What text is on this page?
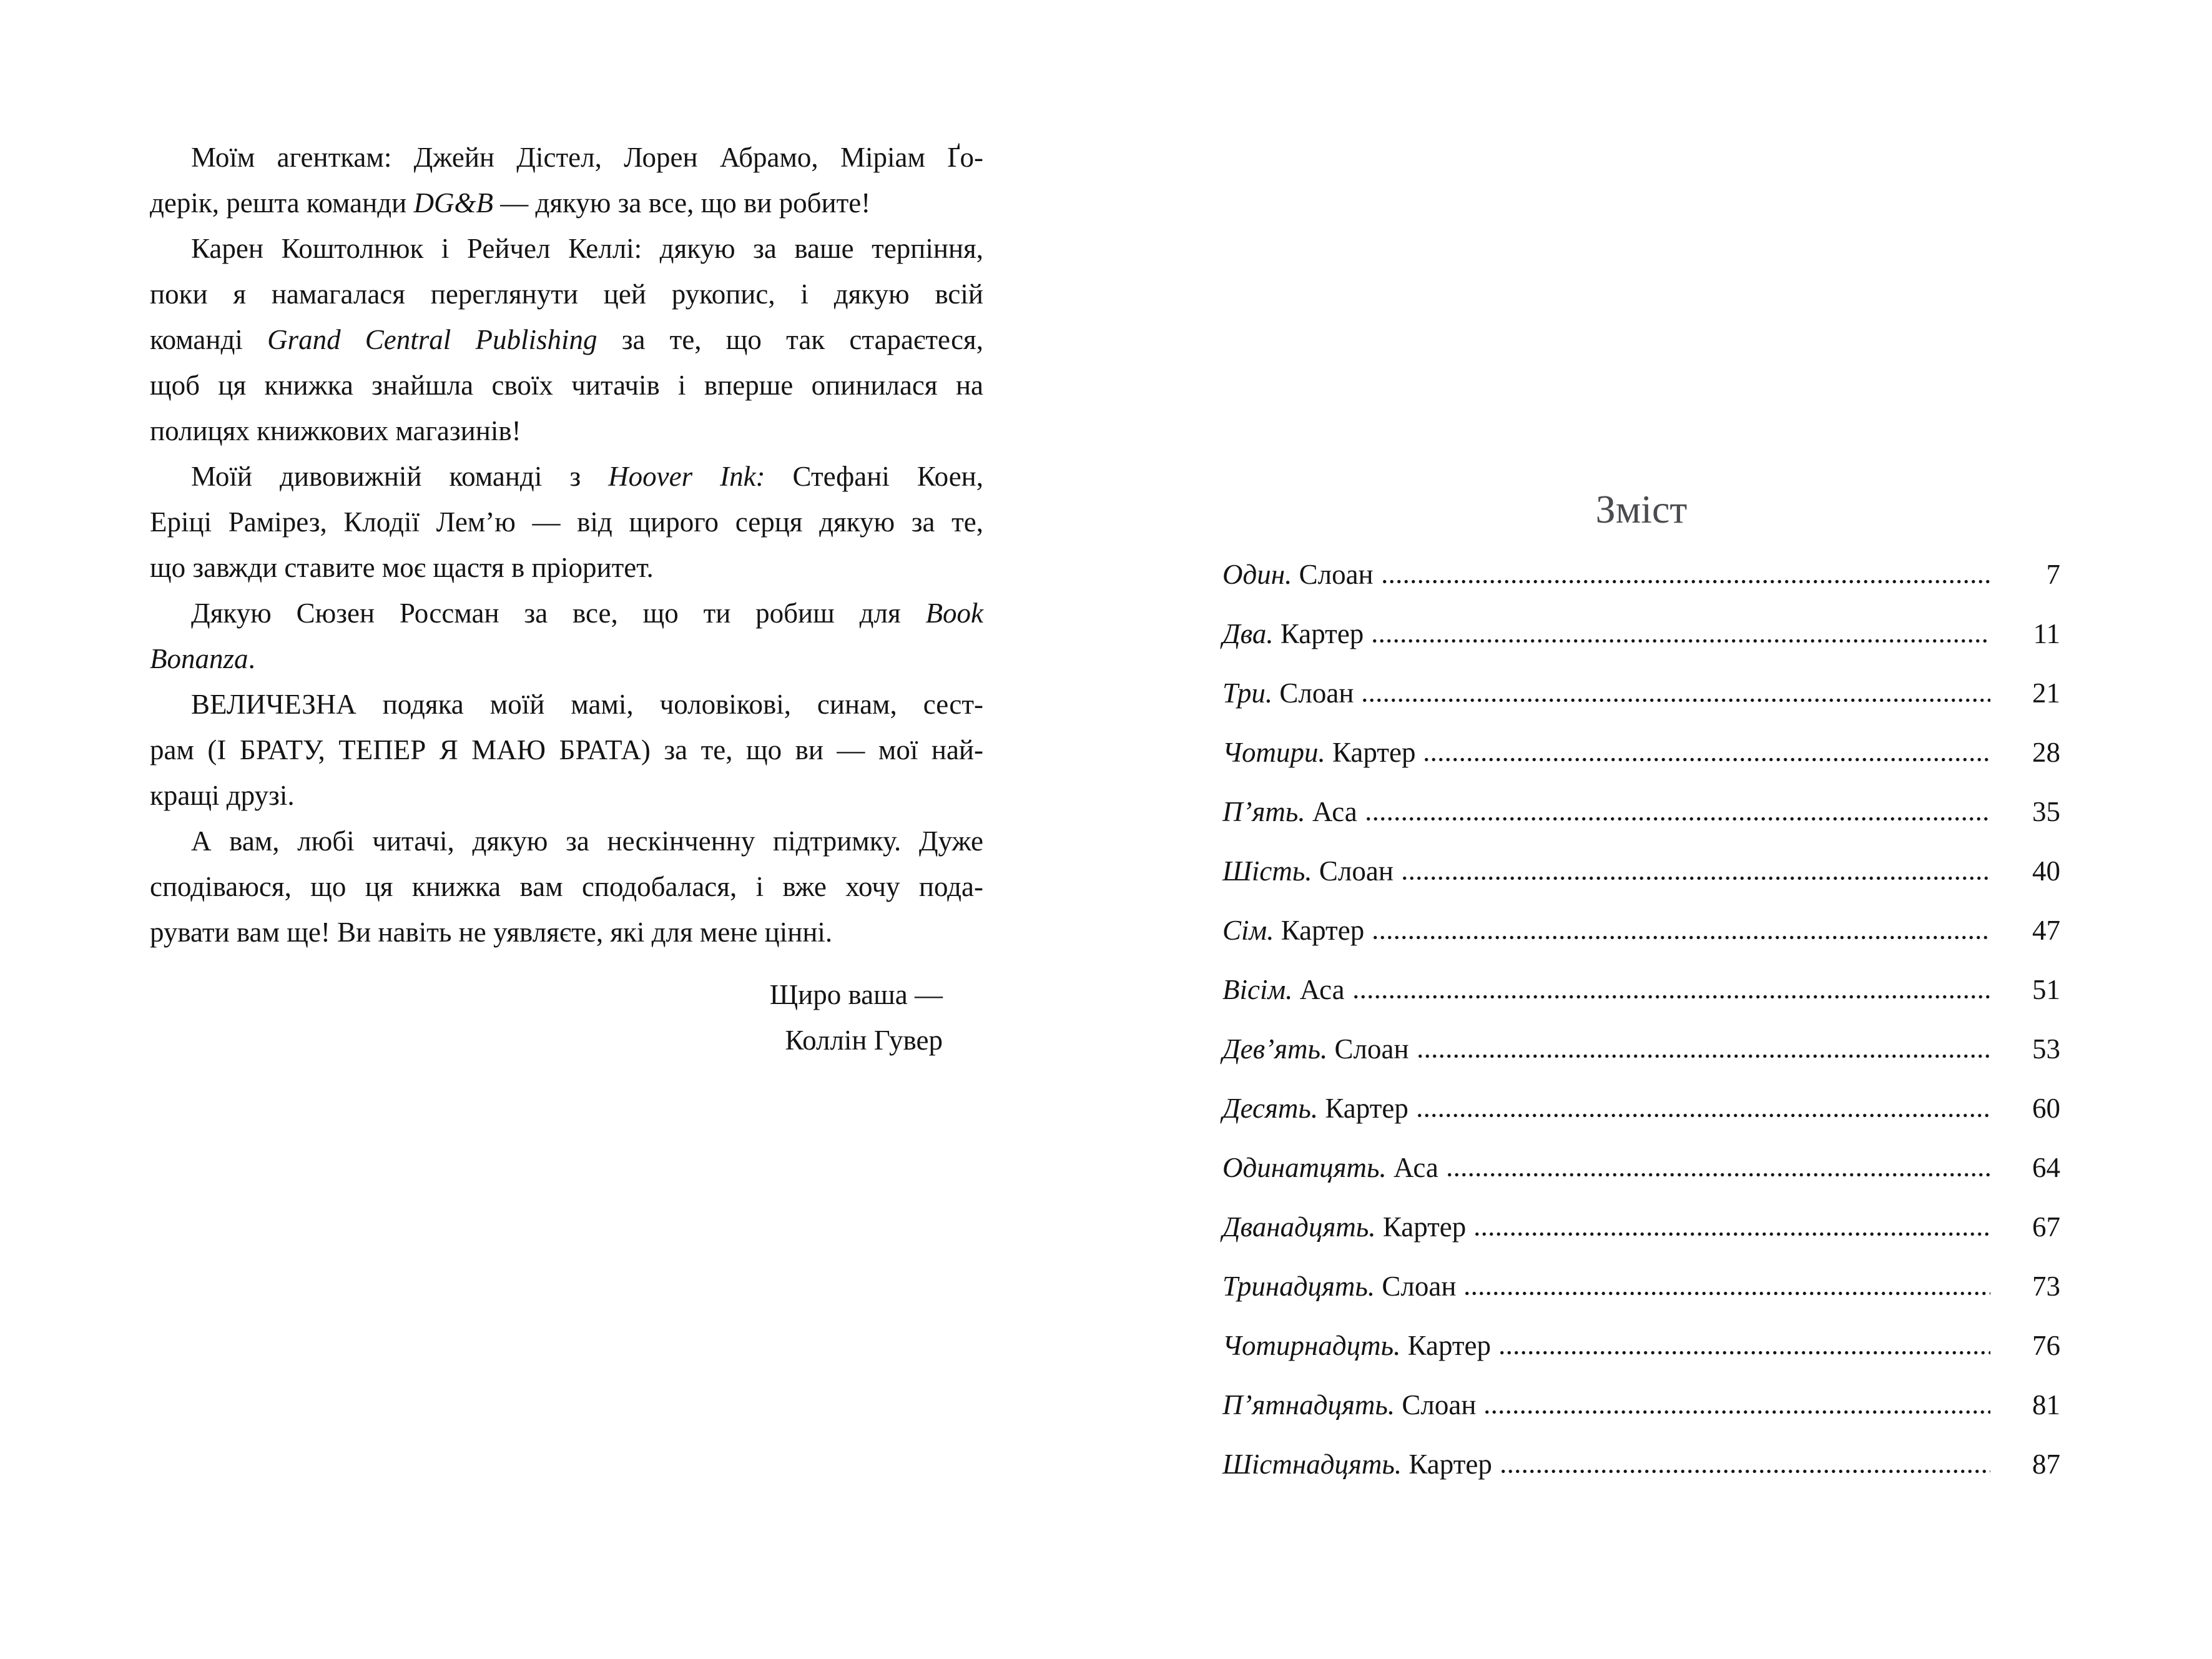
Моїм агенткам: Джейн Дістел, Лорен Абрамо, Міріам Ґо-
дерік, решта команди DG&B — дякую за все, що ви робите!
Карен Коштолнюк і Рейчел Келлі: дякую за ваше терпіння,
поки я намагалася переглянути цей рукопис, і дякую всій
команді Grand Central Publishing за те, що так стараєтеся,
щоб ця книжка знайшла своїх читачів і вперше опинилася на
полицях книжкових магазинів!
Моїй дивовижній команді з Hoover Ink: Стефані Коен,
Еріці Рамірез, Клодії Лем’ю — від щирого серця дякую за те,
що завжди ставите моє щастя в пріоритет.
Дякую Сюзен Россман за все, що ти робиш для Book
Bonanza.
ВЕЛИЧЕЗНА подяка моїй мамі, чоловікові, синам, сест-
рам (І БРАТУ, ТЕПЕР Я МАЮ БРАТА) за те, що ви — мої най-
кращі друзі.
А вам, любі читачі, дякую за нескінченну підтримку. Дуже
сподіваюся, що ця книжка вам сподобалася, і вже хочу пода-
рувати вам ще! Ви навіть не уявляєте, які для мене цінні.
Щиро ваша —
Коллін Гувер
Зміст
Один. Слоан	7
Два. Картер	11
Три. Слоан	21
Чотири. Картер	28
П’ять. Аса	35
Шість. Слоан	40
Сім. Картер	47
Вісім. Аса	51
Дев’ять. Слоан	53
Десять. Картер	60
Одинатцять. Аса	64
Дванадцять. Картер	67
Тринадцять. Слоан	73
Чотирнадцть. Картер	76
П’ятнадцять. Слоан	81
Шістнадцять. Картер	87
